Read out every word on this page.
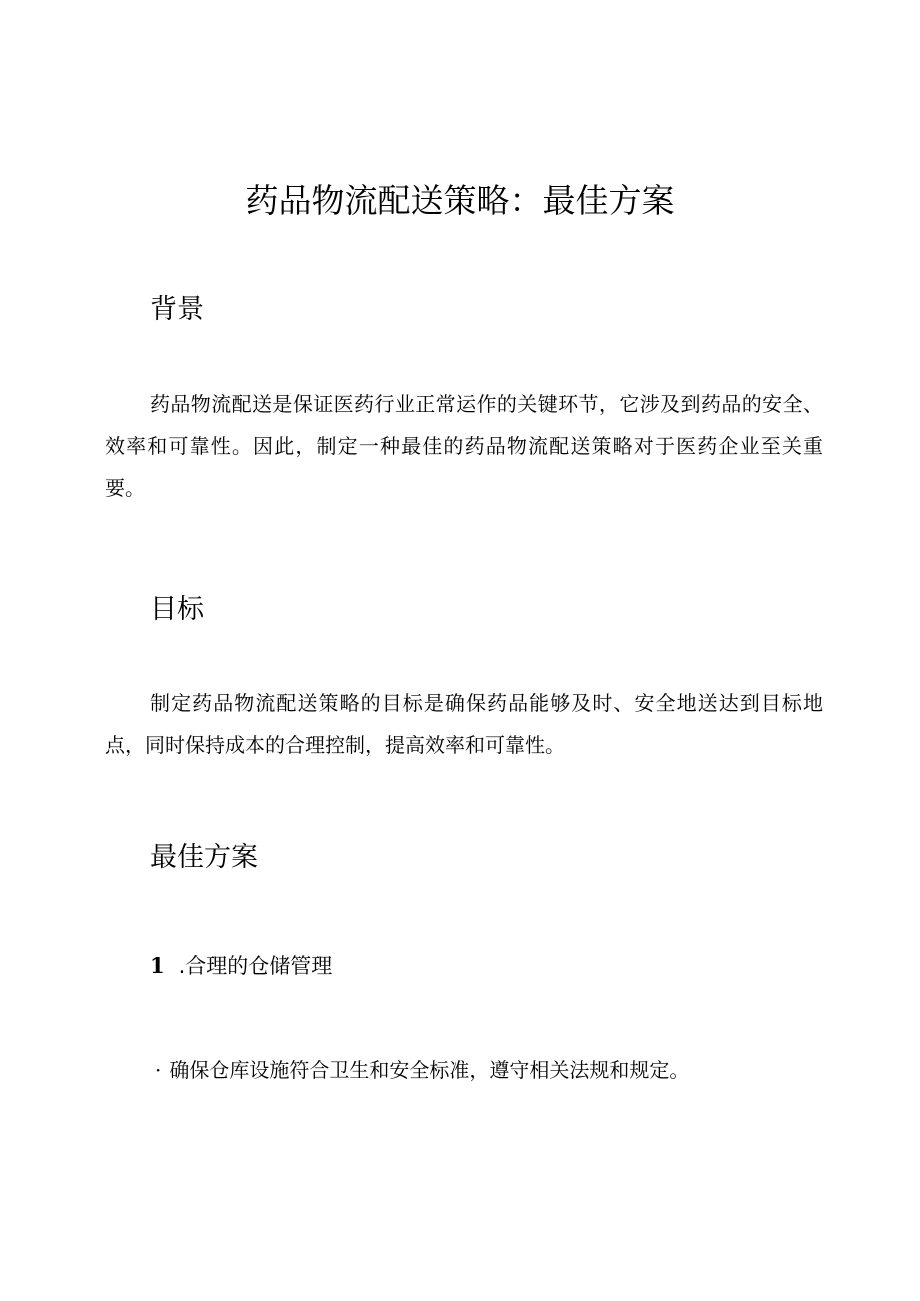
药品物流配送策略：最佳方案
背景

药品物流配送是保证医药行业正常运作的关键环节，它涉及到药品的安全、效率和可靠性。因此，制定一种最佳的药品物流配送策略对于医药企业至关重要。

目标

制定药品物流配送策略的目标是确保药品能够及时、安全地送达到目标地点，同时保持成本的合理控制，提高效率和可靠性。

最佳方案
1 .合理的仓储管理

· 确保仓库设施符合卫生和安全标准，遵守相关法规和规定。
